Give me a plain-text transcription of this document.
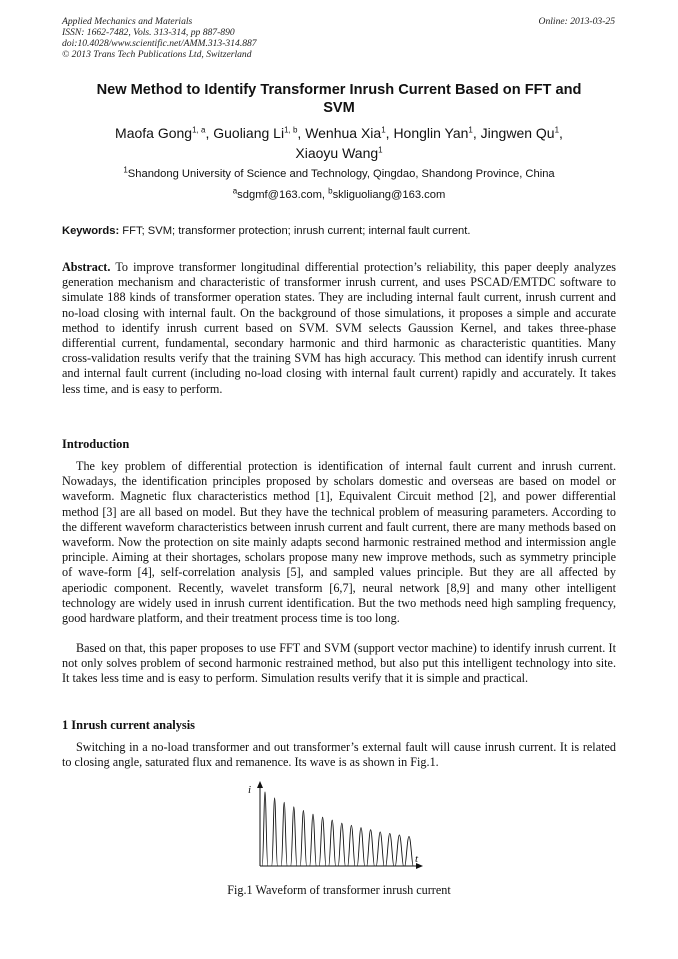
Applied Mechanics and Materials
ISSN: 1662-7482, Vols. 313-314, pp 887-890
doi:10.4028/www.scientific.net/AMM.313-314.887
© 2013 Trans Tech Publications Ltd, Switzerland
Online: 2013-03-25
New Method to Identify Transformer Inrush Current Based on FFT and
SVM
Maofa Gong$^{1, a}$, Guoliang Li$^{1, b}$, Wenhua Xia$^1$, Honglin Yan$^1$, Jingwen Qu$^1$,
Xiaoyu Wang$^1$
$^1$Shandong University of Science and Technology, Qingdao, Shandong Province, China
$^a$sdgmf@163.com, $^b$skliguoliang@163.com
Keywords: FFT; SVM; transformer protection; inrush current; internal fault current.
Abstract. To improve transformer longitudinal differential protection’s reliability, this paper deeply analyzes generation mechanism and characteristic of transformer inrush current, and uses PSCAD/EMTDC software to simulate 188 kinds of transformer operation states. They are including internal fault current, inrush current and no-load closing with internal fault. On the background of those simulations, it proposes a simple and accurate method to identify inrush current based on SVM. SVM selects Gaussion Kernel, and takes three-phase differential current, fundamental, secondary harmonic and third harmonic as characteristic quantities. Many cross-validation results verify that the training SVM has high accuracy. This method can identify inrush current and internal fault current (including no-load closing with internal fault current) rapidly and accurately. It takes less time, and is easy to perform.
Introduction
The key problem of differential protection is identification of internal fault current and inrush current. Nowadays, the identification principles proposed by scholars domestic and overseas are based on model or waveform. Magnetic flux characteristics method [1], Equivalent Circuit method [2], and power differential method [3] are all based on model. But they have the technical problem of measuring parameters. According to the different waveform characteristics between inrush current and fault current, there are many methods based on waveform. Now the protection on site mainly adapts second harmonic restrained method and intermission angle principle. Aiming at their shortages, scholars propose many new improve methods, such as symmetry principle of wave-form [4], self-correlation analysis [5], and sampled values principle. But they are all affected by aperiodic component. Recently, wavelet transform [6,7], neural network [8,9] and many other intelligent technology are widely used in inrush current identification. But the two methods need high sampling frequency, good hardware platform, and their treatment process time is too long.
Based on that, this paper proposes to use FFT and SVM (support vector machine) to identify inrush current. It not only solves problem of second harmonic restrained method, but also put this intelligent technology into site. It takes less time and is easy to perform. Simulation results verify that it is simple and practical.
1 Inrush current analysis
Switching in a no-load transformer and out transformer’s external fault will cause inrush current. It is related to closing angle, saturated flux and remanence. Its wave is as shown in Fig.1.
i
t
Fig.1 Waveform of transformer inrush current
